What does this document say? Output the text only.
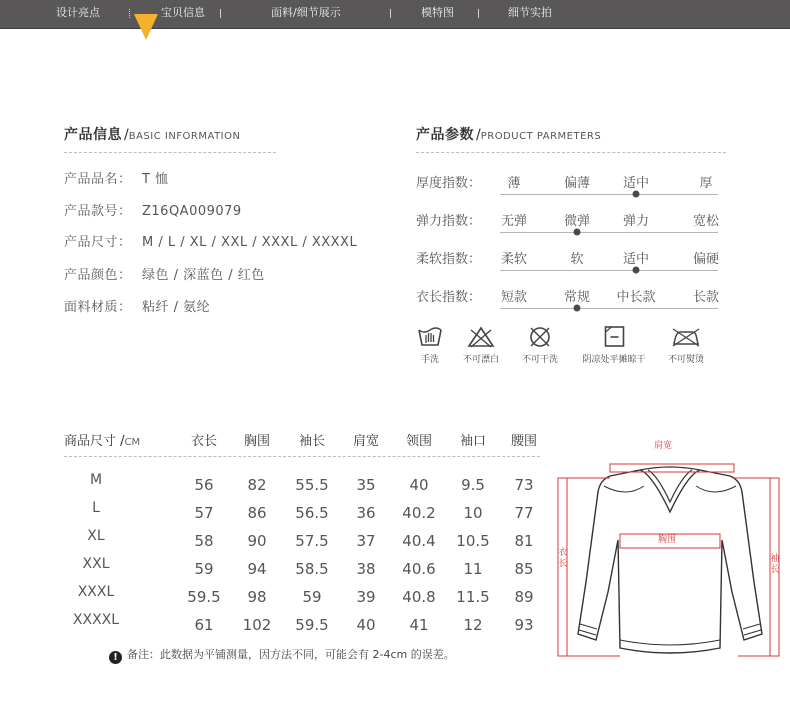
设计亮点	宝贝信息	面料/细节展示	模特图	细节实拍
产品信息 /BASIC INFORMATION
产品品名： T 恤
产品款号： Z16QA009079
产品尺寸： M / L / XL / XXL / XXXL / XXXXL
产品颜色： 绿色 / 深蓝色 / 红色
面料材质： 粘纤 / 氨纶
产品参数 /PRODUCT PARMETERS
厚度指数： 薄	偏薄	适中	厚
弹力指数： 无弹	微弹	弹力	宽松
柔软指数： 柔软	软	适中	偏硬
衣长指数： 短款	常规 中长款	长款
手洗	不可漂白	不可干洗	阴凉处平摊晾干 不可熨烫
商品尺寸 /CM	衣长 胸围 袖长 肩宽 领围 袖口 腰围
M	56 82 55.5 35 40 9.5 73
L	57 86 56.5 36 40.2 10 77
XL	58 90 57.5 37 40.4 10.5 81
XXL	59 94 58.5 38 40.6 11 85
XXXL	59.5 98 59 39 40.8 11.5 89
XXXXL	61 102 59.5 40 41 12 93
! 备注：此数据为平铺测量，因方法不同，可能会有 2-4cm 的误差。
肩宽
胸围
衣长	袖长
